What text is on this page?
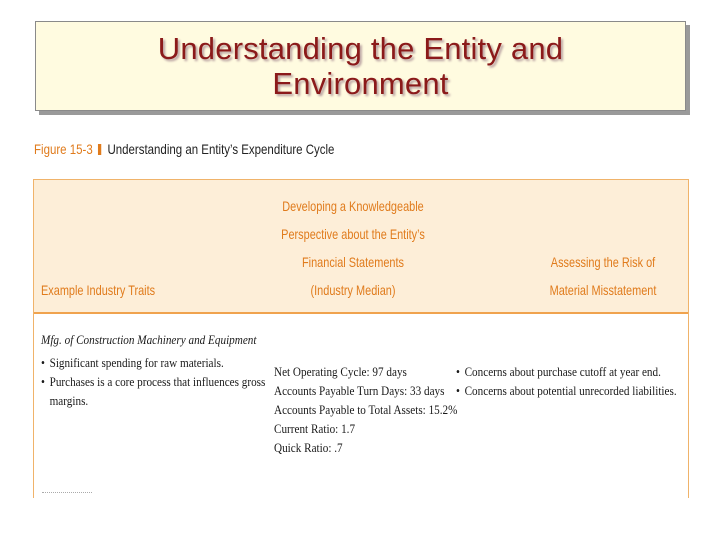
Understanding the Entity and
Environment
Figure 15-3 Understanding an Entity’s Expenditure Cycle
Example Industry Traits
Developing a Knowledgeable
Perspective about the Entity’s
Financial Statements
(Industry Median)
Assessing the Risk of
Material Misstatement
Mfg. of Construction Machinery and Equipment
• Significant spending for raw materials.
• Purchases is a core process that influences gross
margins.
Net Operating Cycle: 97 days
Accounts Payable Turn Days: 33 days
Accounts Payable to Total Assets: 15.2%
Current Ratio: 1.7
Quick Ratio: .7
• Concerns about purchase cutoff at year end.
• Concerns about potential unrecorded liabilities.
